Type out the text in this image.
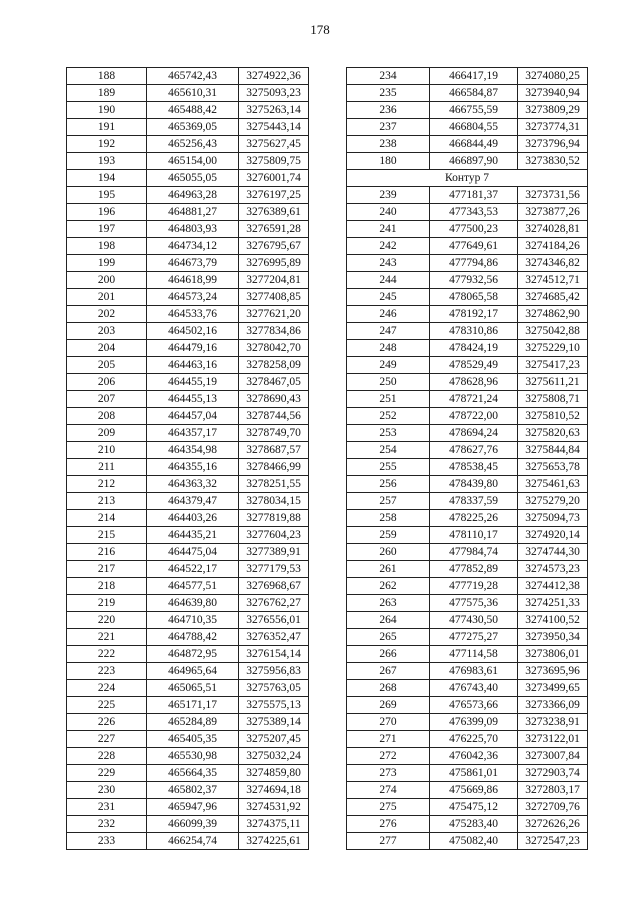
178
188	465742,43	3274922,36
189	465610,31	3275093,23
190	465488,42	3275263,14
191	465369,05	3275443,14
192	465256,43	3275627,45
193	465154,00	3275809,75
194	465055,05	3276001,74
195	464963,28	3276197,25
196	464881,27	3276389,61
197	464803,93	3276591,28
198	464734,12	3276795,67
199	464673,79	3276995,89
200	464618,99	3277204,81
201	464573,24	3277408,85
202	464533,76	3277621,20
203	464502,16	3277834,86
204	464479,16	3278042,70
205	464463,16	3278258,09
206	464455,19	3278467,05
207	464455,13	3278690,43
208	464457,04	3278744,56
209	464357,17	3278749,70
210	464354,98	3278687,57
211	464355,16	3278466,99
212	464363,32	3278251,55
213	464379,47	3278034,15
214	464403,26	3277819,88
215	464435,21	3277604,23
216	464475,04	3277389,91
217	464522,17	3277179,53
218	464577,51	3276968,67
219	464639,80	3276762,27
220	464710,35	3276556,01
221	464788,42	3276352,47
222	464872,95	3276154,14
223	464965,64	3275956,83
224	465065,51	3275763,05
225	465171,17	3275575,13
226	465284,89	3275389,14
227	465405,35	3275207,45
228	465530,98	3275032,24
229	465664,35	3274859,80
230	465802,37	3274694,18
231	465947,96	3274531,92
232	466099,39	3274375,11
233	466254,74	3274225,61
234	466417,19	3274080,25
235	466584,87	3273940,94
236	466755,59	3273809,29
237	466804,55	3273774,31
238	466844,49	3273796,94
180	466897,90	3273830,52
Контур 7		
239	477181,37	3273731,56
240	477343,53	3273877,26
241	477500,23	3274028,81
242	477649,61	3274184,26
243	477794,86	3274346,82
244	477932,56	3274512,71
245	478065,58	3274685,42
246	478192,17	3274862,90
247	478310,86	3275042,88
248	478424,19	3275229,10
249	478529,49	3275417,23
250	478628,96	3275611,21
251	478721,24	3275808,71
252	478722,00	3275810,52
253	478694,24	3275820,63
254	478627,76	3275844,84
255	478538,45	3275653,78
256	478439,80	3275461,63
257	478337,59	3275279,20
258	478225,26	3275094,73
259	478110,17	3274920,14
260	477984,74	3274744,30
261	477852,89	3274573,23
262	477719,28	3274412,38
263	477575,36	3274251,33
264	477430,50	3274100,52
265	477275,27	3273950,34
266	477114,58	3273806,01
267	476983,61	3273695,96
268	476743,40	3273499,65
269	476573,66	3273366,09
270	476399,09	3273238,91
271	476225,70	3273122,01
272	476042,36	3273007,84
273	475861,01	3272903,74
274	475669,86	3272803,17
275	475475,12	3272709,76
276	475283,40	3272626,26
277	475082,40	3272547,23
